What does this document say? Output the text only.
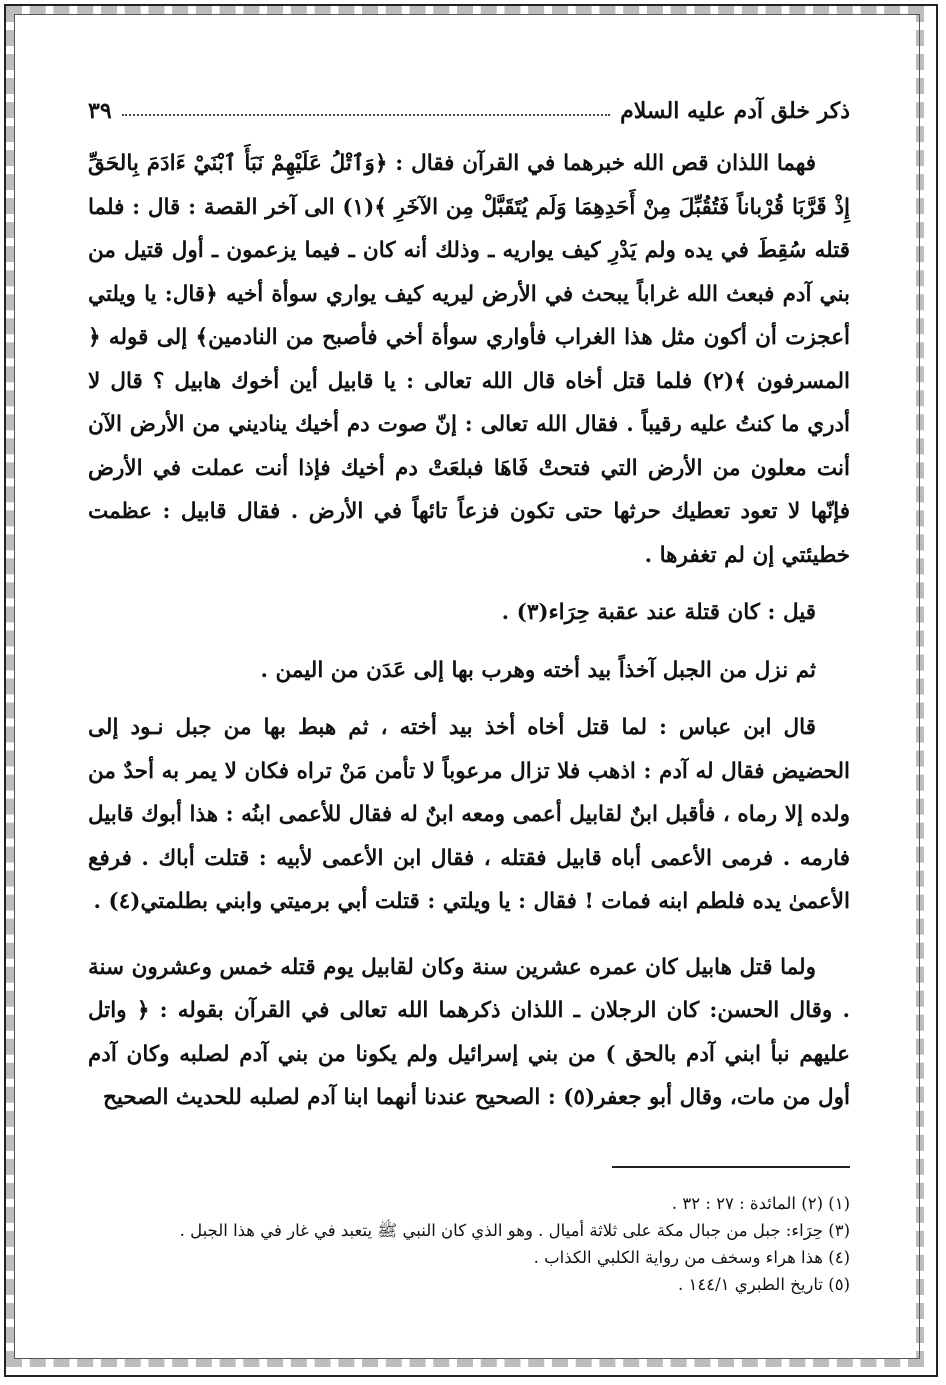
ذكر خلق آدم عليه السلام
٣٩

فهما اللذان قص الله خبرهما في القرآن فقال : ﴿وَٱتْلُ عَلَيْهِمْ نَبَأَ ٱبْنَيْ ءَادَمَ بِالحَقِّ إِذْ قَرَّبَا قُرْباناً فَتُقُبِّلَ مِنْ أَحَدِهِمَا وَلَم يُتَقَبَّلْ مِن الآخَرِ ﴾(١) الى آخر القصة : قال : فلما قتله سُقِطَ في يده ولم يَدْرِ كيف يواريه ـ وذلك أنه كان ـ فيما يزعمون ـ أول قتيل من بني آدم فبعث الله غراباً يبحث في الأرض ليريه كيف يواري سوأة أخيه ﴿قال: يا ويلتي أعجزت أن أكون مثل هذا الغراب فأواري سوأة أخي فأصبح من النادمين﴾ إلى قوله ﴿ المسرفون ﴾(٢) فلما قتل أخاه قال الله تعالى : يا قابيل أين أخوك هابيل ؟ قال لا أدري ما كنتُ عليه رقيباً . فقال الله تعالى : إنّ صوت دم أخيك يناديني من الأرض الآن أنت معلون من الأرض التي فتحتْ فَاهَا فبلعَتْ دم أخيك فإذا أنت عملت في الأرض فإنّها لا تعود تعطيك حرثها حتى تكون فزعاً تائهاً في الأرض . فقال قابيل : عظمت خطيئتي إن لم تغفرها .

قيل : كان قتلة عند عقبة حِرَاء(٣) .

ثم نزل من الجبل آخذاً بيد أخته وهرب بها إلى عَدَن من اليمن .

قال ابن عباس : لما قتل أخاه أخذ بيد أخته ، ثم هبط بها من جبل نـود إلى الحضيض فقال له آدم : اذهب فلا تزال مرعوباً لا تأمن مَنْ تراه فكان لا يمر به أحدٌ من ولده إلا رماه ، فأقبل ابنٌ لقابيل أعمى ومعه ابنٌ له فقال للأعمى ابنُه : هذا أبوك قابيل فارمه . فرمى الأعمى أباه قابيل فقتله ، فقال ابن الأعمى لأبيه : قتلت أباك . فرفع الأعمىٰ يده فلطم ابنه فمات ! فقال : يا ويلتي : قتلت أبي برميتي وابني بطلمتي(٤) .

ولما قتل هابيل كان عمره عشرين سنة وكان لقابيل يوم قتله خمس وعشرون سنة . وقال الحسن: كان الرجلان ـ اللذان ذكرهما الله تعالى في القرآن بقوله : ﴿ واتل عليهم نبأ ابني آدم بالحق ) من بني إسرائيل ولم يكونا من بني آدم لصلبه وكان آدم أول من مات، وقال أبو جعفر(٥) : الصحيح عندنا أنهما ابنا آدم لصلبه للحديث الصحيح

(١) (٢) المائدة : ٢٧ : ٣٢ .
(٣) حِرَاء: جبل من جبال مكة على ثلاثة أميال . وهو الذي كان النبي ﷺ يتعبد في غار في هذا الجبل .
(٤) هذا هراء وسخف من رواية الكلبي الكذاب .
(٥) تاريخ الطبري ١٤٤/١ .
